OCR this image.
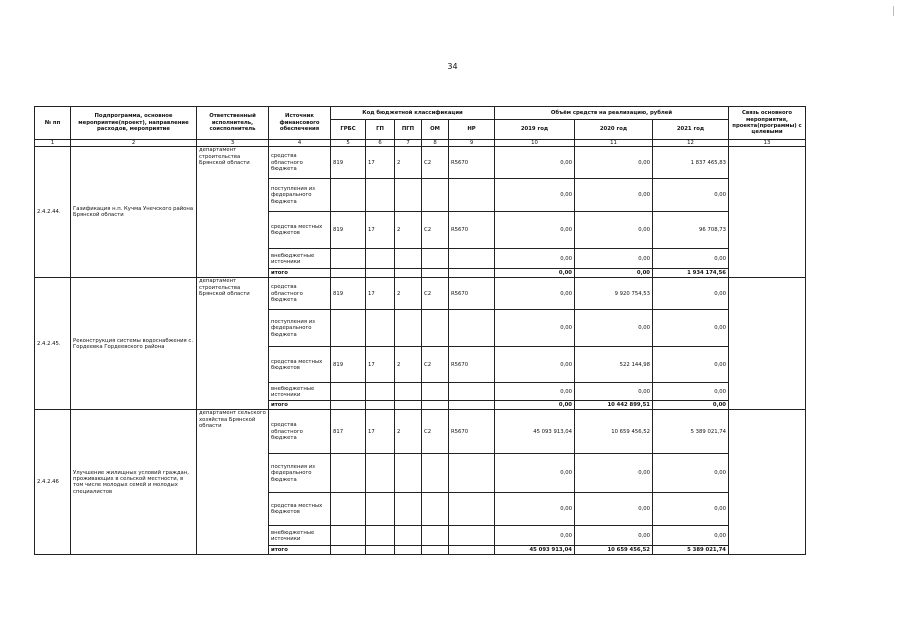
34
№ пп	Подпрограмма, основное мероприятие(проект), направление расходов, мероприятие	Ответственный исполнитель, соисполнитель	Источник финансового обеспечения	Код бюджетной классификации					Объём средств на реализацию, рублей			Связь основного мероприятия, проекта(программы) с целевыми
				ГРБС	ГП	ПГП	ОМ	НР	2019 год	2020 год	2021 год	
1	2	3	4	5	6	7	8	9	10	11	12	13
2.4.2.44.	Газификация н.п. Кучма Унечского района Брянской области	департамент строительства Брянской области	средства областного бюджета	819	17	2	С2	R5670	0,00	0,00	1 837 465,83	
			поступления из федерального бюджета						0,00	0,00	0,00	
			средства местных бюджетов	819	17	2	С2	R5670	0,00	0,00	96 708,73	
			внебюджетные источники						0,00	0,00	0,00	
			итого						0,00	0,00	1 934 174,56	
2.4.2.45.	Реконструкция системы водоснабжения с. Гордеевка Гордеевского района	департамент строительства Брянской области	средства областного бюджета	819	17	2	С2	R5670	0,00	9 920 754,53	0,00	
			поступления из федерального бюджета						0,00	0,00	0,00	
			средства местных бюджетов	819	17	2	С2	R5670	0,00	522 144,98	0,00	
			внебюджетные источники						0,00	0,00	0,00	
			итого						0,00	10 442 899,51	0,00	
2.4.2.46	Улучшение жилищных условий граждан, проживающих в сельской местности, в том числе молодых семей и молодых специалистов	департамент сельского хозяйства Брянской области	средства областного бюджета	817	17	2	С2	R5670	45 093 913,04	10 659 456,52	5 389 021,74	
			поступления из федерального бюджета						0,00	0,00	0,00	
			средства местных бюджетов						0,00	0,00	0,00	
			внебюджетные источники						0,00	0,00	0,00	
			итого						45 093 913,04	10 659 456,52	5 389 021,74	
